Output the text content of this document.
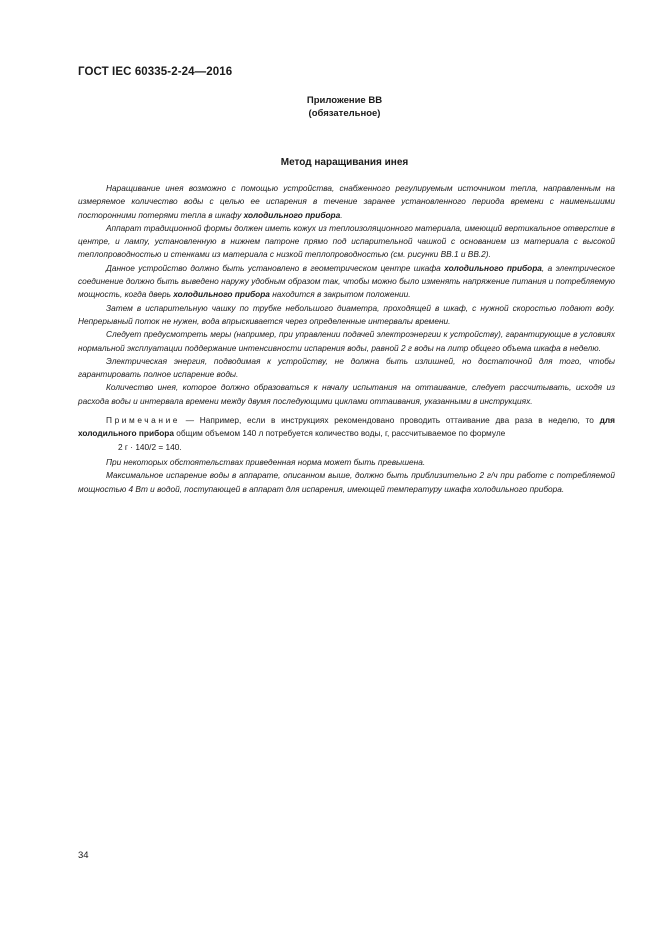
ГОСТ IEC 60335-2-24—2016
Приложение BB
(обязательное)
Метод наращивания инея

Наращивание инея возможно с помощью устройства, снабженного регулируемым источником тепла, направленным на измеряемое количество воды с целью ее испарения в течение заранее установленного периода времени с наименьшими посторонними потерями тепла в шкафу холодильного прибора.

Аппарат традиционной формы должен иметь кожух из теплоизоляционного материала, имеющий вертикальное отверстие в центре, и лампу, установленную в нижнем патроне прямо под испарительной чашкой с основанием из материала с высокой теплопроводностью и стенками из материала с низкой теплопроводностью (см. рисунки ВВ.1 и ВВ.2).

Данное устройство должно быть установлено в геометрическом центре шкафа холодильного прибора, а электрическое соединение должно быть выведено наружу удобным образом так, чтобы можно было изменять напряжение питания и потребляемую мощность, когда дверь холодильного прибора находится в закрытом положении.

Затем в испарительную чашку по трубке небольшого диаметра, проходящей в шкаф, с нужной скоростью подают воду. Непрерывный поток не нужен, вода впрыскивается через определенные интервалы времени.

Следует предусмотреть меры (например, при управлении подачей электроэнергии к устройству), гарантирующие в условиях нормальной эксплуатации поддержание интенсивности испарения воды, равной 2 г воды на литр общего объема шкафа в неделю.

Электрическая энергия, подводимая к устройству, не должна быть излишней, но достаточной для того, чтобы гарантировать полное испарение воды.

Количество инея, которое должно образоваться к началу испытания на оттаивание, следует рассчитывать, исходя из расхода воды и интервала времени между двумя последующими циклами оттаивания, указанными в инструкциях.

Примечание — Например, если в инструкциях рекомендовано проводить оттаивание два раза в неделю, то для холодильного прибора общим объемом 140 л потребуется количество воды, г, рассчитываемое по формуле

2 г · 140/2 = 140.

При некоторых обстоятельствах приведенная норма может быть превышена.

Максимальное испарение воды в аппарате, описанном выше, должно быть приблизительно 2 г/ч при работе с потребляемой мощностью 4 Вт и водой, поступающей в аппарат для испарения, имеющей температуру шкафа холодильного прибора.

34
